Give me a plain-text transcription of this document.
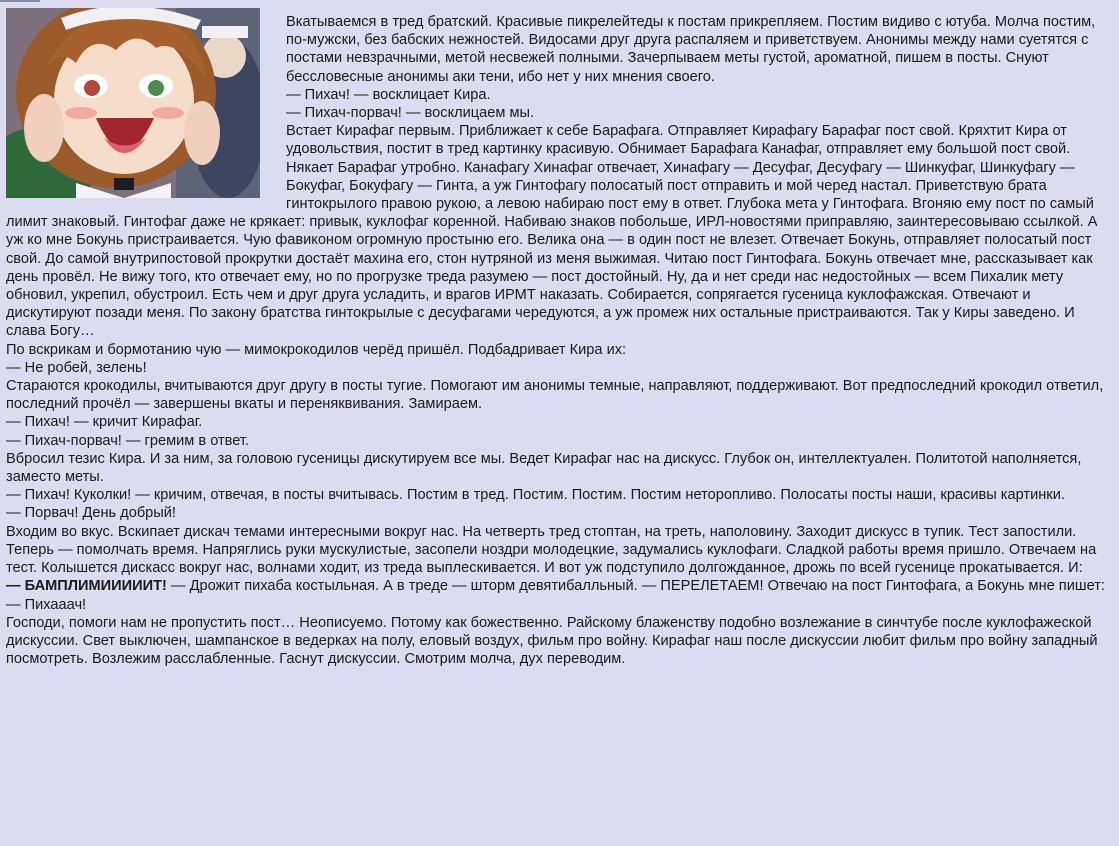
Вкатываемся в тред братский. Красивые пикрелейтеды к постам прикрепляем. Постим видиво с ютуба. Молча постим, по-мужски, без бабских нежностей. Видосами друг друга распаляем и приветствуем. Анонимы между нами суетятся с постами невзрачными, метой несвежей полными. Зачерпываем меты густой, ароматной, пишем в посты. Снуют бессловесные анонимы аки тени, ибо нет у них мнения своего.
— Пихач! — восклицает Кира.
— Пихач-порвач! — восклицаем мы.
Встает Кирафаг первым. Приближает к себе Барафага. Отправляет Кирафагу Барафаг пост свой. Кряхтит Кира от удовольствия, постит в тред картинку красивую. Обнимает Барафага Канафаг, отправляет ему большой пост свой. Някает Барафаг утробно. Канафагу Хинафаг отвечает, Хинафагу — Десуфаг, Десуфагу — Шинкуфаг, Шинкуфагу — Бокуфаг, Бокуфагу — Гинта, а уж Гинтофагу полосатый пост отправить и мой черед настал. Приветствую брата гинтокрылого правою рукою, а левою набираю пост ему в ответ. Глубока мета у Гинтофага. Вгоняю ему пост по самый лимит знаковый. Гинтофаг даже не крякает: привык, куклофаг коренной. Набиваю знаков побольше, ИРЛ-новостями приправляю, заинтересовываю ссылкой. А уж ко мне Бокунь пристраивается. Чую фавиконом огромную простыню его. Велика она — в один пост не влезет. Отвечает Бокунь, отправляет полосатый пост свой. До самой внутрипостовой прокрутки достаёт махина его, стон нутряной из меня выжимая. Читаю пост Гинтофага. Бокунь отвечает мне, рассказывает как день провёл. Не вижу того, кто отвечает ему, но по прогрузке треда разумею — пост достойный. Ну, да и нет среди нас недостойных — всем Пихалик мету обновил, укрепил, обустроил. Есть чем и друг друга усладить, и врагов ИРМТ наказать. Собирается, сопрягается гусеница куклофажская. Отвечают и дискутируют позади меня. По закону братства гинтокрылые с десуфагами чередуются, а уж промеж них остальные пристраиваются. Так у Киры заведено. И слава Богу…
По вскрикам и бормотанию чую — мимокрокодилов черёд пришёл. Подбадривает Кира их:
— Не робей, зелень!
Стараются крокодилы, вчитываются друг другу в посты тугие. Помогают им анонимы темные, направляют, поддерживают. Вот предпоследний крокодил ответил, последний прочёл — завершены вкаты и переняквивания. Замираем.
— Пихач! — кричит Кирафаг.
— Пихач-порвач! — гремим в ответ.
Вбросил тезис Кира. И за ним, за головою гусеницы дискутируем все мы. Ведет Кирафаг нас на дискусс. Глубок он, интеллектуален. Политотой наполняется, заместо меты.
— Пихач! Куколки! — кричим, отвечая, в посты вчитывась. Постим в тред. Постим. Постим. Постим неторопливо. Полосаты посты наши, красивы картинки.
— Порвач! День добрый!
Входим во вкус. Вскипает дискач темами интересными вокруг нас. На четверть тред стоптан, на треть, наполовину. Заходит дискусс в тупик. Тест запостили.
Теперь — помолчать время. Напряглись руки мускулистые, засопели ноздри молодецкие, задумались куклофаги. Сладкой работы время пришло. Отвечаем на тест. Колышется дискасс вокруг нас, волнами ходит, из треда выплескивается. И вот уж подступило долгожданное, дрожь по всей гусенице прокатывается. И:
— БАМПЛИМИИИИИТ! — Дрожит пихаба костыльная. А в треде — шторм девятибалльный. — ПЕРЕЛЕТАЕМ! Отвечаю на пост Гинтофага, а Бокунь мне пишет:
— Пихааач!
Господи, помоги нам не пропустить пост… Неописуемо. Потому как божественно. Райскому блаженству подобно возлежание в синчтубе после куклофажеской дискуссии. Свет выключен, шампанское в ведерках на полу, еловый воздух, фильм про войну. Кирафаг наш после дискуссии любит фильм про войну западный посмотреть. Возлежим расслабленные. Гаснут дискуссии. Смотрим молча, дух переводим.
